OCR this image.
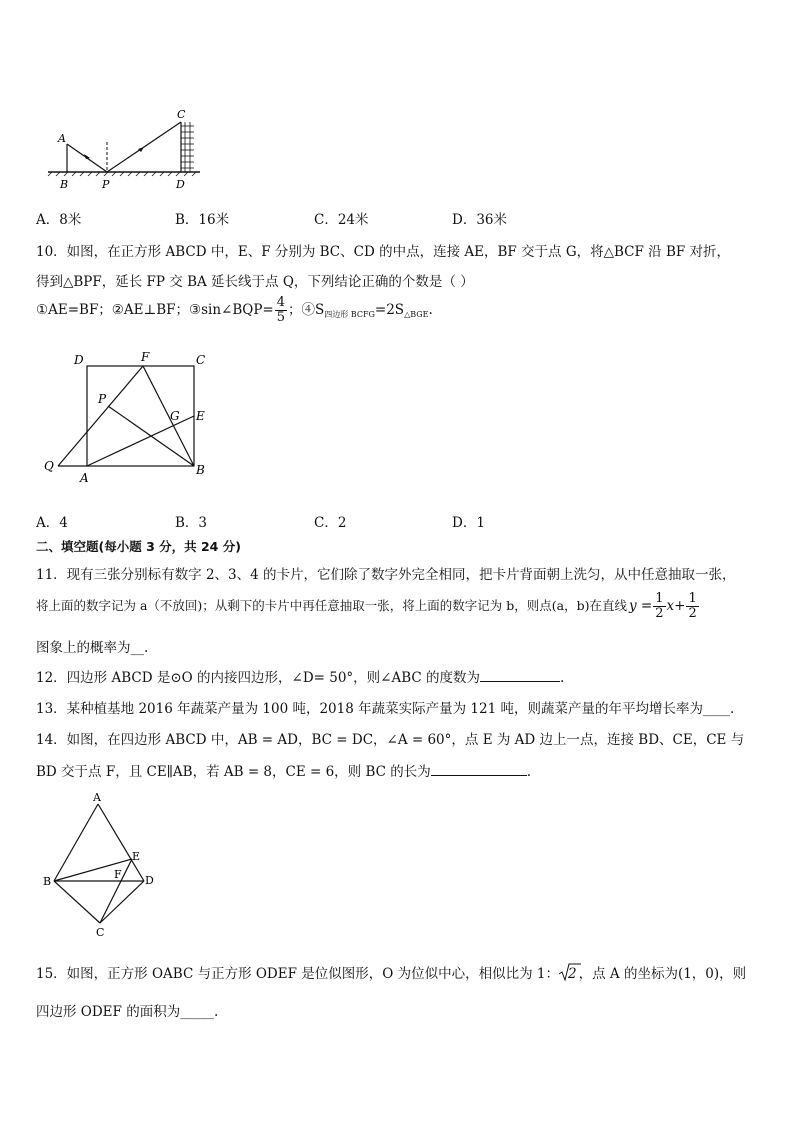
A
B	P
C
D
A．8米	B．16米	C．24米	D．36米
10．如图，在正方形 ABCD 中，E、F 分别为 BC、CD 的中点，连接 AE，BF 交于点 G，将△BCF 沿 BF 对折，
得到△BPF，延长 FP 交 BA 延长线于点 Q，下列结论正确的个数是（ ）
①AE=BF；②AE⊥BF；③sin∠BQP= $\frac{4}{5}$ ；$④S_{四边形 BCFG}=2S_{\triangle BGE}$.
D	F	C
P
G E
Q
A
B
A．4	B．3	C．2	D．1
二、填空题(每小题 3 分，共 24 分)
11．现有三张分别标有数字 2、3、4 的卡片，它们除了数字外完全相同，把卡片背面朝上洗匀，从中任意抽取一张，
将上面的数字记为 a（不放回)；从剩下的卡片中再任意抽取一张，将上面的数字记为 b，则点(a，b)在直线 $y = \frac{1}{2} x+ \frac{1}{2}$
图象上的概率为__.
12．四边形 ABCD 是⊙O 的内接四边形，∠D= 50°，则∠ABC 的度数为	.
13．某种植基地 2016 年蔬菜产量为 100 吨，2018 年蔬菜实际产量为 121 吨，则蔬菜产量的年平均增长率为____.
14．如图，在四边形 ABCD 中，AB = AD，BC = DC，∠A = 60°，点 E 为 AD 边上一点，连接 BD、CE，CE 与
BD 交于点 F，且 CE∥AB，若 AB = 8，CE = 6，则 BC 的长为	.
A
B
E
F D
C
15．如图，正方形 OABC 与正方形 ODEF 是位似图形，O 为位似中心，相似比为 1： 2 ，点 A 的坐标为(1，0)，则
四边形 ODEF 的面积为_____.
